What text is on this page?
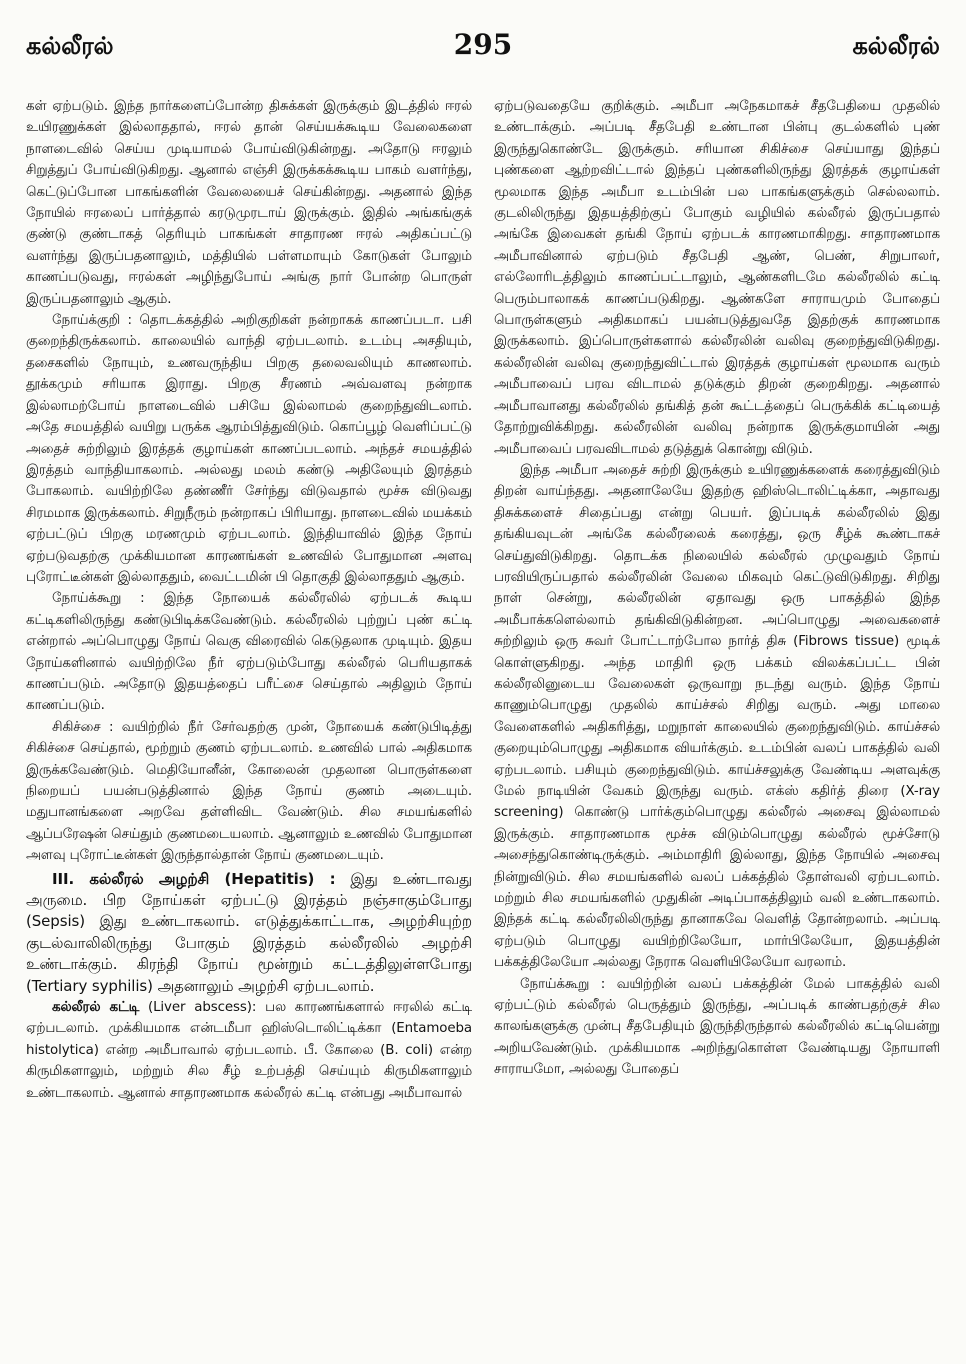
கல்லீரல்	295	கல்லீரல்

கள் ஏற்படும். இந்த நார்களைப்போன்ற திசுக்கள் இருக்கும் இடத்தில் ஈரல் உயிரணுக்கள் இல்லாததால், ஈரல் தான் செய்யக்கூடிய வேலைகளை நாளடைவில் செய்ய முடியாமல் போய்விடுகின்றது. அதோடு ஈரலும் சிறுத்துப் போய்விடுகிறது. ஆனால் எஞ்சி இருக்கக்கூடிய பாகம் வளர்ந்து, கெட்டுப்போன பாகங்களின் வேலையைச் செய்கின்றது. அதனால் இந்த நோயில் ஈரலைப் பார்த்தால் கரடுமுரடாய் இருக்கும். இதில் அங்கங்குக் குண்டு குண்டாகத் தெரியும் பாகங்கள் சாதாரண ஈரல் அதிகப்பட்டு வளர்ந்து இருப்பதனாலும், மத்தியில் பள்ளமாயும் கோடுகள் போலும் காணப்படுவது, ஈரல்கள் அழிந்துபோய் அங்கு நார் போன்ற பொருள் இருப்பதனாலும் ஆகும்.

நோய்க்குறி : தொடக்கத்தில் அறிகுறிகள் நன்றாகக் காணப்படா. பசி குறைந்திருக்கலாம். காலையில் வாந்தி ஏற்படலாம். உடம்பு அசதியும், தசைகளில் நோயும், உணவருந்திய பிறகு தலைவலியும் காணலாம். தூக்கமும் சரியாக இராது. பிறகு சீரணம் அவ்வளவு நன்றாக இல்லாமற்போய் நாளடைவில் பசியே இல்லாமல் குறைந்துவிடலாம். அதே சமயத்தில் வயிறு பருக்க ஆரம்பித்துவிடும். கொப்பூழ் வெளிப்பட்டு அதைச் சுற்றிலும் இரத்தக் குழாய்கள் காணப்படலாம். அந்தச் சமயத்தில் இரத்தம் வாந்தியாகலாம். அல்லது மலம் கண்டு அதிலேயும் இரத்தம் போகலாம். வயிற்றிலே தண்ணீர் சேர்ந்து விடுவதால் மூச்சு விடுவது சிரமமாக இருக்கலாம். சிறுநீரும் நன்றாகப் பிரியாது. நாளடைவில் மயக்கம் ஏற்பட்டுப் பிறகு மரணமும் ஏற்படலாம். இந்தியாவில் இந்த நோய் ஏற்படுவதற்கு முக்கியமான காரணங்கள் உணவில் போதுமான அளவு புரோட்டீன்கள் இல்லாததும், வைட்டமின் பி தொகுதி இல்லாததும் ஆகும்.

நோய்க்கூறு : இந்த நோயைக் கல்லீரலில் ஏற்படக் கூடிய கட்டிகளிலிருந்து கண்டுபிடிக்கவேண்டும். கல்லீரலில் புற்றுப் புண் கட்டி என்றால் அப்பொழுது நோய் வெகு விரைவில் கெடுதலாக முடியும். இதய நோய்களினால் வயிற்றிலே நீர் ஏற்படும்போது கல்லீரல் பெரியதாகக் காணப்படும். அதோடு இதயத்தைப் பரீட்சை செய்தால் அதிலும் நோய் காணப்படும்.

சிகிச்சை : வயிற்றில் நீர் சேர்வதற்கு முன், நோயைக் கண்டுபிடித்து சிகிச்சை செய்தால், மூற்றும் குணம் ஏற்படலாம். உணவில் பால் அதிகமாக இருக்கவேண்டும். மெதியோனீன், கோலைன் முதலான பொருள்களை நிறையப் பயன்படுத்தினால் இந்த நோய் குணம் அடையும். மதுபானங்களை அறவே தள்ளிவிட வேண்டும். சில சமயங்களில் ஆப்பரேஷன் செய்தும் குணமடையலாம். ஆனாலும் உணவில் போதுமான அளவு புரோட்டீன்கள் இருந்தால்தான் நோய் குணமடையும்.

III. கல்லீரல் அழற்சி (Hepatitis) : இது உண்டாவது அருமை. பிற நோய்கள் ஏற்பட்டு இரத்தம் நஞ்சாகும்போது (Sepsis) இது உண்டாகலாம். எடுத்துக்காட்டாக, அழற்சியுற்ற குடல்வாலிலிருந்து போகும் இரத்தம் கல்லீரலில் அழற்சி உண்டாக்கும். கிரந்தி நோய் மூன்றும் கட்டத்திலுள்ளபோது (Tertiary syphilis) அதனாலும் அழற்சி ஏற்படலாம்.

கல்லீரல் கட்டி (Liver abscess): பல காரணங்களால் ஈரலில் கட்டி ஏற்படலாம். முக்கியமாக என்டமீபா ஹிஸ்டொலிட்டிக்கா (Entamoeba histolytica) என்ற அமீபாவால் ஏற்படலாம். பீ. கோலை (B. coli) என்ற கிருமிகளாலும், மற்றும் சில சீழ் உற்பத்தி செய்யும் கிருமிகளாலும் உண்டாகலாம். ஆனால் சாதாரணமாக கல்லீரல் கட்டி என்பது அமீபாவால்

ஏற்படுவதையே குறிக்கும். அமீபா அநேகமாகச் சீதபேதியை முதலில் உண்டாக்கும். அப்படி சீதபேதி உண்டான பின்பு குடல்களில் புண் இருந்துகொண்டே இருக்கும். சரியான சிகிச்சை செய்யாது இந்தப் புண்களை ஆற்றவிட்டால் இந்தப் புண்களிலிருந்து இரத்தக் குழாய்கள் மூலமாக இந்த அமீபா உடம்பின் பல பாகங்களுக்கும் செல்லலாம். குடலிலிருந்து இதயத்திற்குப் போகும் வழியில் கல்லீரல் இருப்பதால் அங்கே இவைகள் தங்கி நோய் ஏற்படக் காரணமாகிறது. சாதாரணமாக அமீபாவினால் ஏற்படும் சீதபேதி ஆண், பெண், சிறுபாலர், எல்லோரிடத்திலும் காணப்பட்டாலும், ஆண்களிடமே கல்லீரலில் கட்டி பெரும்பாலாகக் காணப்படுகிறது. ஆண்களே சாராயமும் போதைப் பொருள்களும் அதிகமாகப் பயன்படுத்துவதே இதற்குக் காரணமாக இருக்கலாம். இப்பொருள்களால் கல்லீரலின் வலிவு குறைந்துவிடுகிறது. கல்லீரலின் வலிவு குறைந்துவிட்டால் இரத்தக் குழாய்கள் மூலமாக வரும் அமீபாவைப் பரவ விடாமல் தடுக்கும் திறன் குறைகிறது. அதனால் அமீபாவானது கல்லீரலில் தங்கித் தன் கூட்டத்தைப் பெருக்கிக் கட்டியைத் தோற்றுவிக்கிறது. கல்லீரலின் வலிவு நன்றாக இருக்குமாயின் அது அமீபாவைப் பரவவிடாமல் தடுத்துக் கொன்று விடும்.

இந்த அமீபா அதைச் சுற்றி இருக்கும் உயிரணுக்களைக் கரைத்துவிடும் திறன் வாய்ந்தது. அதனாலேயே இதற்கு ஹிஸ்டொலிட்டிக்கா, அதாவது திசுக்களைச் சிதைப்பது என்று பெயர். இப்படிக் கல்லீரலில் இது தங்கியவுடன் அங்கே கல்லீரலைக் கரைத்து, ஒரு சீழ்க் கூண்டாகச் செய்துவிடுகிறது. தொடக்க நிலையில் கல்லீரல் முழுவதும் நோய் பரவியிருப்பதால் கல்லீரலின் வேலை மிகவும் கெட்டுவிடுகிறது. சிறிது நாள் சென்று, கல்லீரலின் ஏதாவது ஒரு பாகத்தில் இந்த அமீபாக்களெல்லாம் தங்கிவிடுகின்றன. அப்பொழுது அவைகளைச் சுற்றிலும் ஒரு சுவர் போட்டாற்போல நார்த் திசு (Fibrows tissue) மூடிக் கொள்ளுகிறது. அந்த மாதிரி ஒரு பக்கம் விலக்கப்பட்ட பின் கல்லீரலினுடைய வேலைகள் ஒருவாறு நடந்து வரும். இந்த நோய் காணும்பொழுது முதலில் காய்ச்சல் சிறிது வரும். அது மாலை வேளைகளில் அதிகரித்து, மறுநாள் காலையில் குறைந்துவிடும். காய்ச்சல் குறையும்பொழுது அதிகமாக வியர்க்கும். உடம்பின் வலப் பாகத்தில் வலி ஏற்படலாம். பசியும் குறைந்துவிடும். காய்ச்சலுக்கு வேண்டிய அளவுக்கு மேல் நாடியின் வேகம் இருந்து வரும். எக்ஸ் கதிர்த் திரை (X-ray screening) கொண்டு பார்க்கும்பொழுது கல்லீரல் அசைவு இல்லாமல் இருக்கும். சாதாரணமாக மூச்சு விடும்பொழுது கல்லீரல் மூச்சோடு அசைந்துகொண்டிருக்கும். அம்மாதிரி இல்லாது, இந்த நோயில் அசைவு நின்றுவிடும். சில சமயங்களில் வலப் பக்கத்தில் தோள்வலி ஏற்படலாம். மற்றும் சில சமயங்களில் முதுகின் அடிப்பாகத்திலும் வலி உண்டாகலாம். இந்தக் கட்டி கல்லீரலிலிருந்து தானாகவே வெளித் தோன்றலாம். அப்படி ஏற்படும் பொழுது வயிற்றிலேயோ, மார்பிலேயோ, இதயத்தின் பக்கத்திலேயோ அல்லது நேராக வெளியிலேயோ வரலாம்.

நோய்க்கூறு : வயிற்றின் வலப் பக்கத்தின் மேல் பாகத்தில் வலி ஏற்பட்டும் கல்லீரல் பெருத்தும் இருந்து, அப்படிக் காண்பதற்குச் சில காலங்களுக்கு முன்பு சீதபேதியும் இருந்திருந்தால் கல்லீரலில் கட்டியென்று அறியவேண்டும். முக்கியமாக அறிந்துகொள்ள வேண்டியது நோயாளி சாராயமோ, அல்லது போதைப்
